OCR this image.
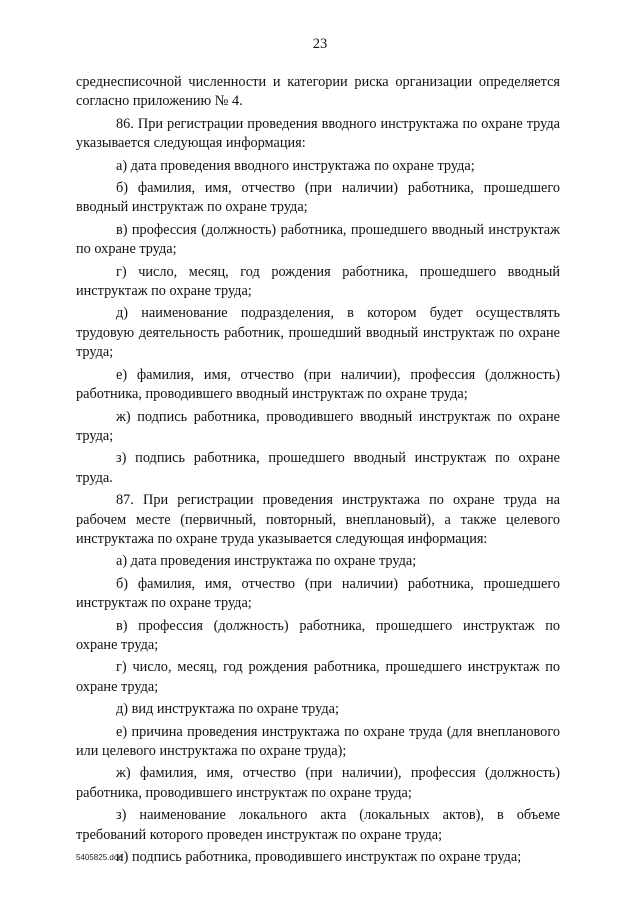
23

среднесписочной численности и категории риска организации определяется согласно приложению № 4.

86. При регистрации проведения вводного инструктажа по охране труда указывается следующая информация:

а) дата проведения вводного инструктажа по охране труда;

б) фамилия, имя, отчество (при наличии) работника, прошедшего вводный инструктаж по охране труда;

в) профессия (должность) работника, прошедшего вводный инструктаж по охране труда;

г) число, месяц, год рождения работника, прошедшего вводный инструктаж по охране труда;

д) наименование подразделения, в котором будет осуществлять трудовую деятельность работник, прошедший вводный инструктаж по охране труда;

е) фамилия, имя, отчество (при наличии), профессия (должность) работника, проводившего вводный инструктаж по охране труда;

ж) подпись работника, проводившего вводный инструктаж по охране труда;

з) подпись работника, прошедшего вводный инструктаж по охране труда.

87. При регистрации проведения инструктажа по охране труда на рабочем месте (первичный, повторный, внеплановый), а также целевого инструктажа по охране труда указывается следующая информация:

а) дата проведения инструктажа по охране труда;

б) фамилия, имя, отчество (при наличии) работника, прошедшего инструктаж по охране труда;

в) профессия (должность) работника, прошедшего инструктаж по охране труда;

г) число, месяц, год рождения работника, прошедшего инструктаж по охране труда;

д) вид инструктажа по охране труда;

е) причина проведения инструктажа по охране труда (для внепланового или целевого инструктажа по охране труда);

ж) фамилия, имя, отчество (при наличии), профессия (должность) работника, проводившего инструктаж по охране труда;

з) наименование локального акта (локальных актов), в объеме требований которого проведен инструктаж по охране труда;

и) подпись работника, проводившего инструктаж по охране труда;

5405825.doc
